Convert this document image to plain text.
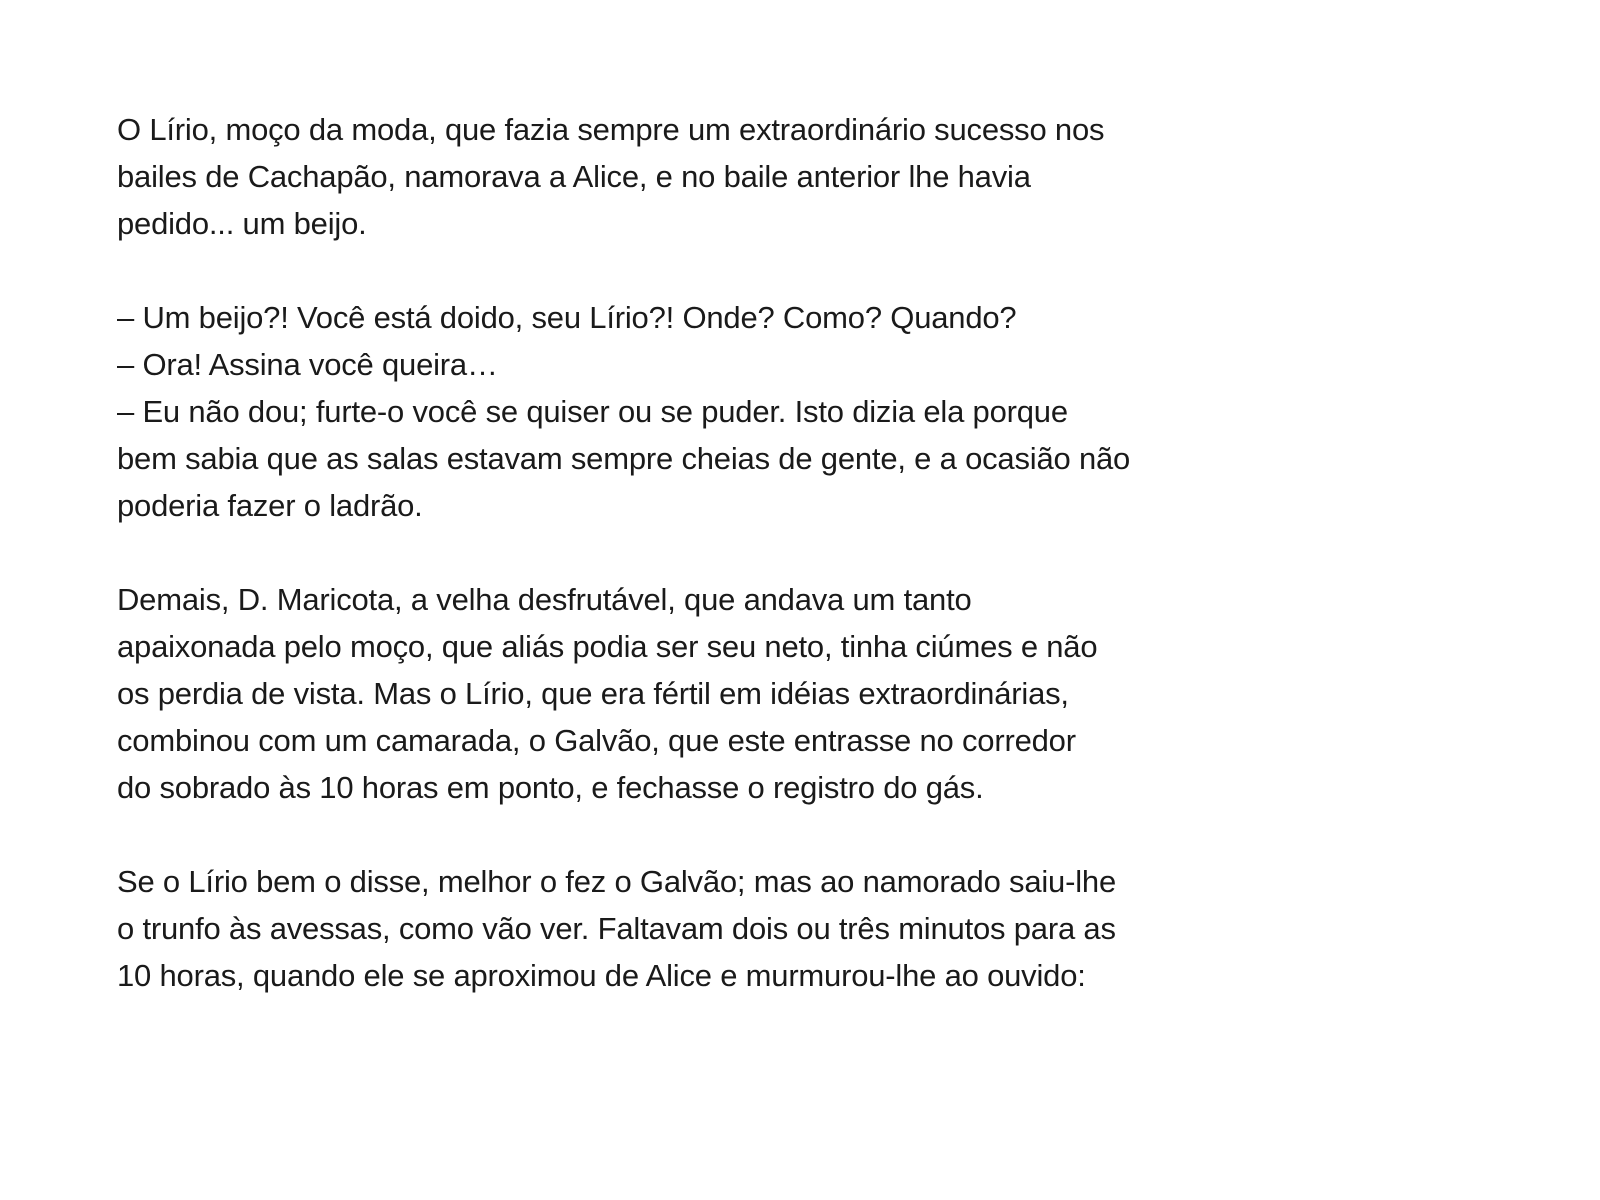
O Lírio, moço da moda, que fazia sempre um extraordinário sucesso nos
bailes de Cachapão, namorava a Alice, e no baile anterior lhe havia
pedido... um beijo.
– Um beijo?! Você está doido, seu Lírio?! Onde? Como? Quando?
– Ora! Assina você queira…
– Eu não dou; furte-o você se quiser ou se puder. Isto dizia ela porque
bem sabia que as salas estavam sempre cheias de gente, e a ocasião não
poderia fazer o ladrão.
Demais, D. Maricota, a velha desfrutável, que andava um tanto
apaixonada pelo moço, que aliás podia ser seu neto, tinha ciúmes e não
os perdia de vista. Mas o Lírio, que era fértil em idéias extraordinárias,
combinou com um camarada, o Galvão, que este entrasse no corredor
do sobrado às 10 horas em ponto, e fechasse o registro do gás.
Se o Lírio bem o disse, melhor o fez o Galvão; mas ao namorado saiu-lhe
o trunfo às avessas, como vão ver. Faltavam dois ou três minutos para as
10 horas, quando ele se aproximou de Alice e murmurou-lhe ao ouvido:
